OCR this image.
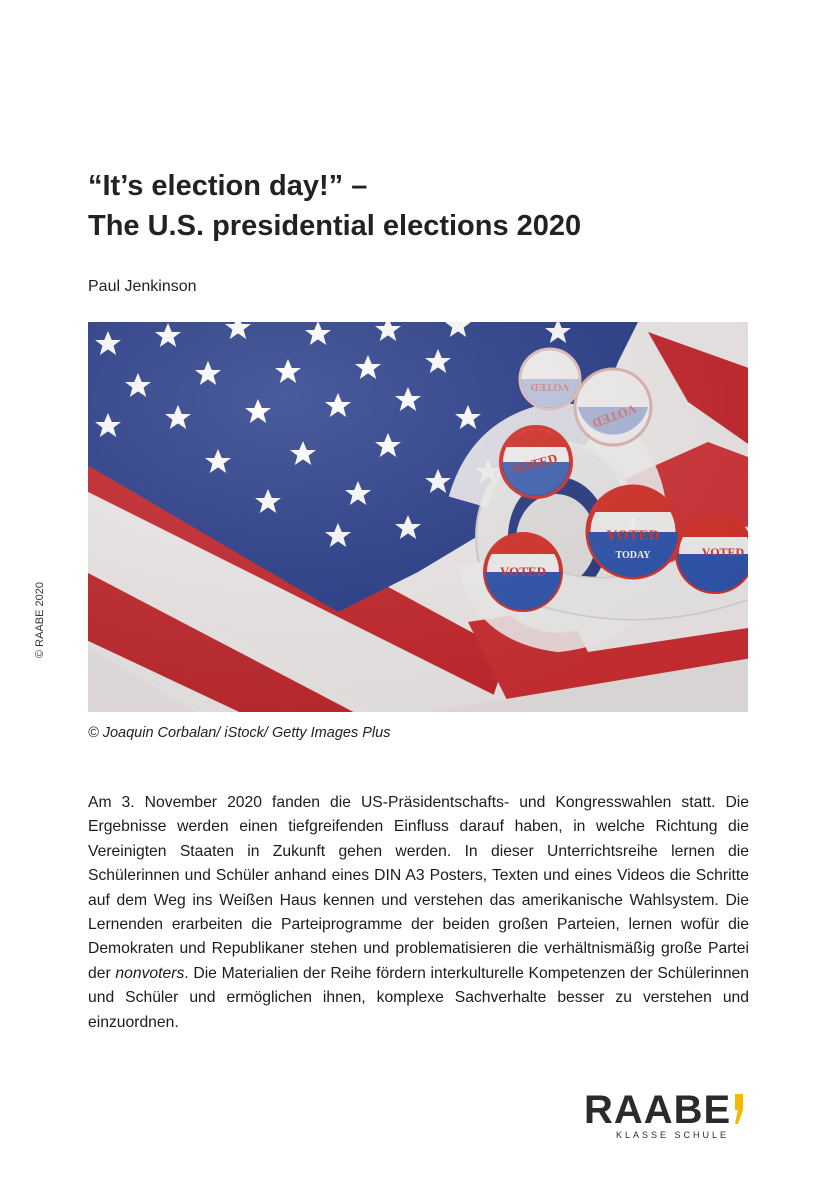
© RAABE 2020
“It’s election day!” –
The U.S. presidential elections 2020
Paul Jenkinson
© Joaquin Corbalan/ iStock/ Getty Images Plus

Am 3. November 2020 fanden die US-Präsidentschafts- und Kongresswahlen statt. Die Ergebnisse werden einen tiefgreifenden Einfluss darauf haben, in welche Richtung die Vereinigten Staaten in Zukunft gehen werden. In dieser Unterrichtsreihe lernen die Schülerinnen und Schüler anhand eines DIN A3 Posters, Texten und eines Videos die Schritte auf dem Weg ins Weißen Haus kennen und verstehen das amerikanische Wahlsystem. Die Lernenden erarbeiten die Parteiprogramme der beiden großen Parteien, lernen wofür die Demokraten und Republikaner stehen und problematisieren die verhältnismäßig große Partei der nonvoters. Die Materialien der Reihe fördern interkulturelle Kompetenzen der Schülerinnen und Schüler und ermöglichen ihnen, komplexe Sachverhalte besser zu verstehen und einzuordnen.

RAABE
KLASSE SCHULE
